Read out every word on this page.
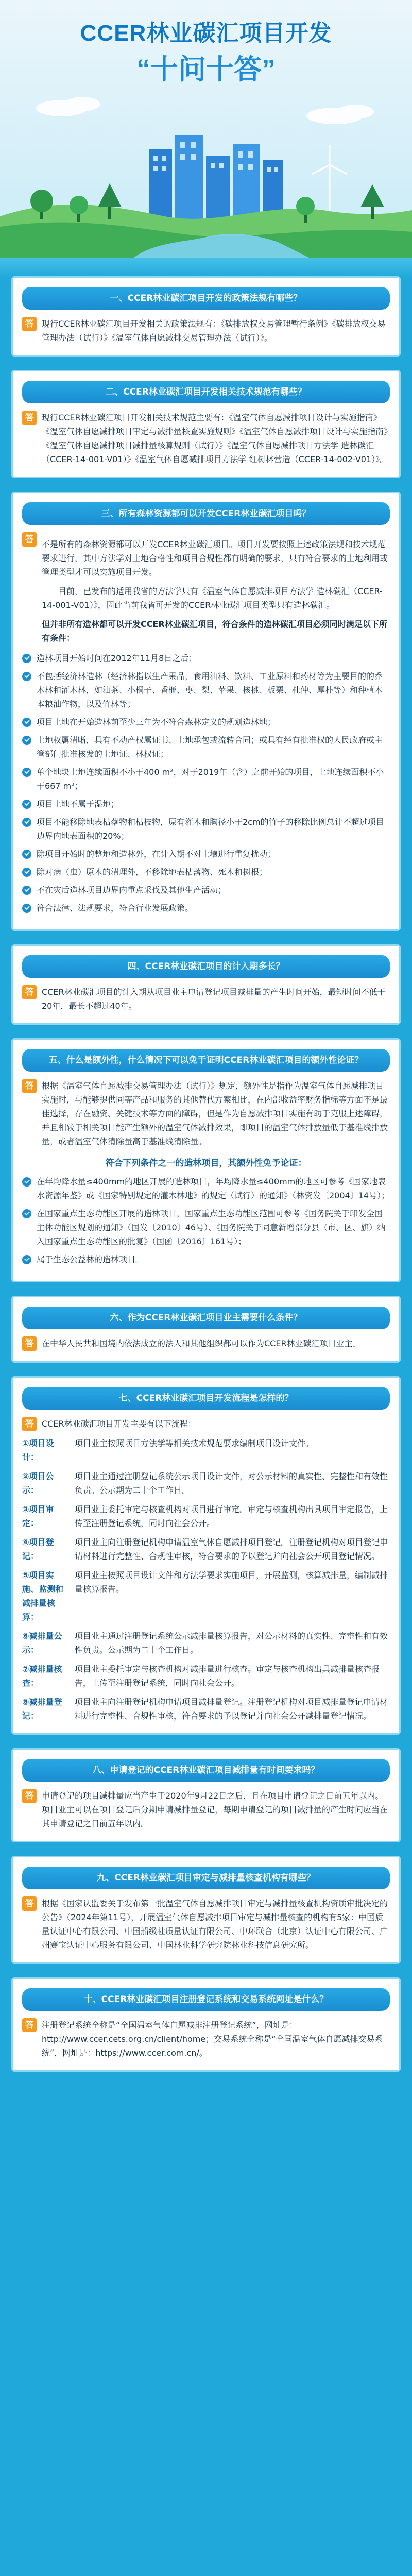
CCER林业碳汇项目开发
“十问十答”
一、CCER林业碳汇项目开发的政策法规有哪些？
答 现行CCER林业碳汇项目开发相关的政策法规有：《碳排放权交易管理暂行条例》《碳排放权交易管理办法（试行）》《温室气体自愿减排交易管理办法（试行）》。
二、CCER林业碳汇项目开发相关技术规范有哪些？
答 现行CCER林业碳汇项目开发相关技术规范主要有：《温室气体自愿减排项目设计与实施指南》《温室气体自愿减排项目审定与减排量核查实施规则》《温室气体自愿减排项目设计与实施指南》《温室气体自愿减排项目减排量核算规则（试行）》《温室气体自愿减排项目方法学 造林碳汇（CCER-14-001-V01）》《温室气体自愿减排项目方法学 红树林营造（CCER-14-002-V01）》。
三、所有森林资源都可以开发CCER林业碳汇项目吗？
答 不是所有的森林资源都可以开发CCER林业碳汇项目。项目开发要按照上述政策法规和技术规范要求进行，其中方法学对土地合格性和项目合规性都有明确的要求，只有符合要求的土地利用或管理类型才可以实施项目开发。
目前，已发布的适用我省的方法学只有《温室气体自愿减排项目方法学 造林碳汇（CCER-14-001-V01）》，因此当前我省可开发的CCER林业碳汇项目类型只有造林碳汇。
但并非所有造林都可以开发CCER林业碳汇项目，符合条件的造林碳汇项目必须同时满足以下所有条件：
造林项目开始时间在2012年11月8日之后；
不包括经济林造林（经济林指以生产果品，食用油料、饮料、工业原料和药材等为主要目的的乔木林和灌木林，如油茶、小桐子、香榧、枣、梨、苹果、核桃、板栗、杜仲、厚朴等）和种植木本粮油作物，以及竹林等；
项目土地在开始造林前至少三年为不符合森林定义的规划造林地；
土地权属清晰，具有不动产权属证书、土地承包或流转合同；或具有经有批准权的人民政府或主管部门批准核发的土地证、林权证；
单个地块土地连续面积不小于400 m²，对于2019年（含）之前开始的项目，土地连续面积不小于667 m²；
项目土地不属于湿地；
项目不能移除地表枯落物和枯枝物，原有灌木和胸径小于2cm的竹子的移除比例总计不超过项目边界内地表面积的20%；
除项目开始时的整地和造林外，在计入期不对土壤进行重复扰动；
除对病（虫）原木的清理外，不移除地表枯落物、死木和树根；
不在灾后造林项目边界内重点采伐及其他生产活动；
符合法律、法规要求，符合行业发展政策。
四、CCER林业碳汇项目的计入期多长？
答 CCER林业碳汇项目的计入期从项目业主申请登记项目减排量的产生时间开始，最短时间不低于20年，最长不超过40年。
五、什么是额外性，什么情况下可以免于证明CCER林业碳汇项目的额外性论证？
答 根据《温室气体自愿减排交易管理办法（试行）》规定，额外性是指作为温室气体自愿减排项目实施时，与能够提供同等产品和服务的其他替代方案相比，在内部收益率财务指标等方面不是最佳选择，存在融资、关键技术等方面的障碍，但是作为自愿减排项目实施有助于克服上述障碍，并且相较于相关项目能产生额外的温室气体减排效果，即项目的温室气体排放量低于基准线排放量，或者温室气体清除量高于基准线清除量。
符合下列条件之一的造林项目，其额外性免予论证：
在年均降水量≤400mm的地区开展的造林项目，年均降水量≤400mm的地区可参考《国家地表水资源年鉴》或《国家特别规定的灌木林地》的规定（试行）的通知》（林资发〔2004〕14号）；
在国家重点生态功能区开展的造林项目，国家重点生态功能区范围可参考《国务院关于印发全国主体功能区规划的通知》（国发〔2010〕46号）、《国务院关于同意新增部分县（市、区、旗）纳入国家重点生态功能区的批复》（国函〔2016〕161号）；
属于生态公益林的造林项目。
六、作为CCER林业碳汇项目业主需要什么条件？
答 在中华人民共和国境内依法成立的法人和其他组织都可以作为CCER林业碳汇项目业主。
七、CCER林业碳汇项目开发流程是怎样的？
答 CCER林业碳汇项目开发主要有以下流程：
①项目设计：
项目业主按照项目方法学等相关技术规范要求编制项目设计文件。
②项目公示：
项目业主通过注册登记系统公示项目设计文件，对公示材料的真实性、完整性和有效性负责。公示期为二十个工作日。
③项目审定：
项目业主委托审定与核查机构对项目进行审定。审定与核查机构出具项目审定报告，上传至注册登记系统，同时向社会公开。
④项目登记：
项目业主向注册登记机构申请温室气体自愿减排项目登记。注册登记机构对项目登记申请材料进行完整性、合规性审核，符合要求的予以登记并向社会公开项目登记情况。
⑤项目实施、监测和减排量核算：
项目业主按照项目设计文件和方法学要求实施项目，开展监测，核算减排量，编制减排量核算报告。
⑥减排量公示：
项目业主通过注册登记系统公示减排量核算报告，对公示材料的真实性、完整性和有效性负责。公示期为二十个工作日。
⑦减排量核查：
项目业主委托审定与核查机构对减排量进行核查。审定与核查机构出具减排量核查报告，上传至注册登记系统，同时向社会公开。
⑧减排量登记：
项目业主向注册登记机构申请项目减排量登记。注册登记机构对项目减排量登记申请材料进行完整性、合规性审核，符合要求的予以登记并向社会公开减排量登记情况。
八、申请登记的CCER林业碳汇项目减排量有时间要求吗？
答 申请登记的项目减排量应当产生于2020年9月22日之后，且在项目申请登记之日前五年以内。项目业主可以在项目登记后分期申请减排量登记，每期申请登记的项目减排量的产生时间应当在其申请登记之日前五年以内。
九、CCER林业碳汇项目审定与减排量核查机构有哪些？
答 根据《国家认监委关于发布第一批温室气体自愿减排项目审定与减排量核查机构资质审批决定的公告》（2024年第11号），开展温室气体自愿减排项目审定与减排量核查的机构有5家：中国质量认证中心有限公司、中国船级社质量认证有限公司、中环联合（北京）认证中心有限公司、广州赛宝认证中心服务有限公司、中国林业科学研究院林业科技信息研究所。
十、CCER林业碳汇项目注册登记系统和交易系统网址是什么？
答 注册登记系统全称是“全国温室气体自愿减排注册登记系统”，网址是：http://www.ccer.cets.org.cn/client/home；交易系统全称是“全国温室气体自愿减排交易系统”，网址是：https://www.ccer.com.cn/。
